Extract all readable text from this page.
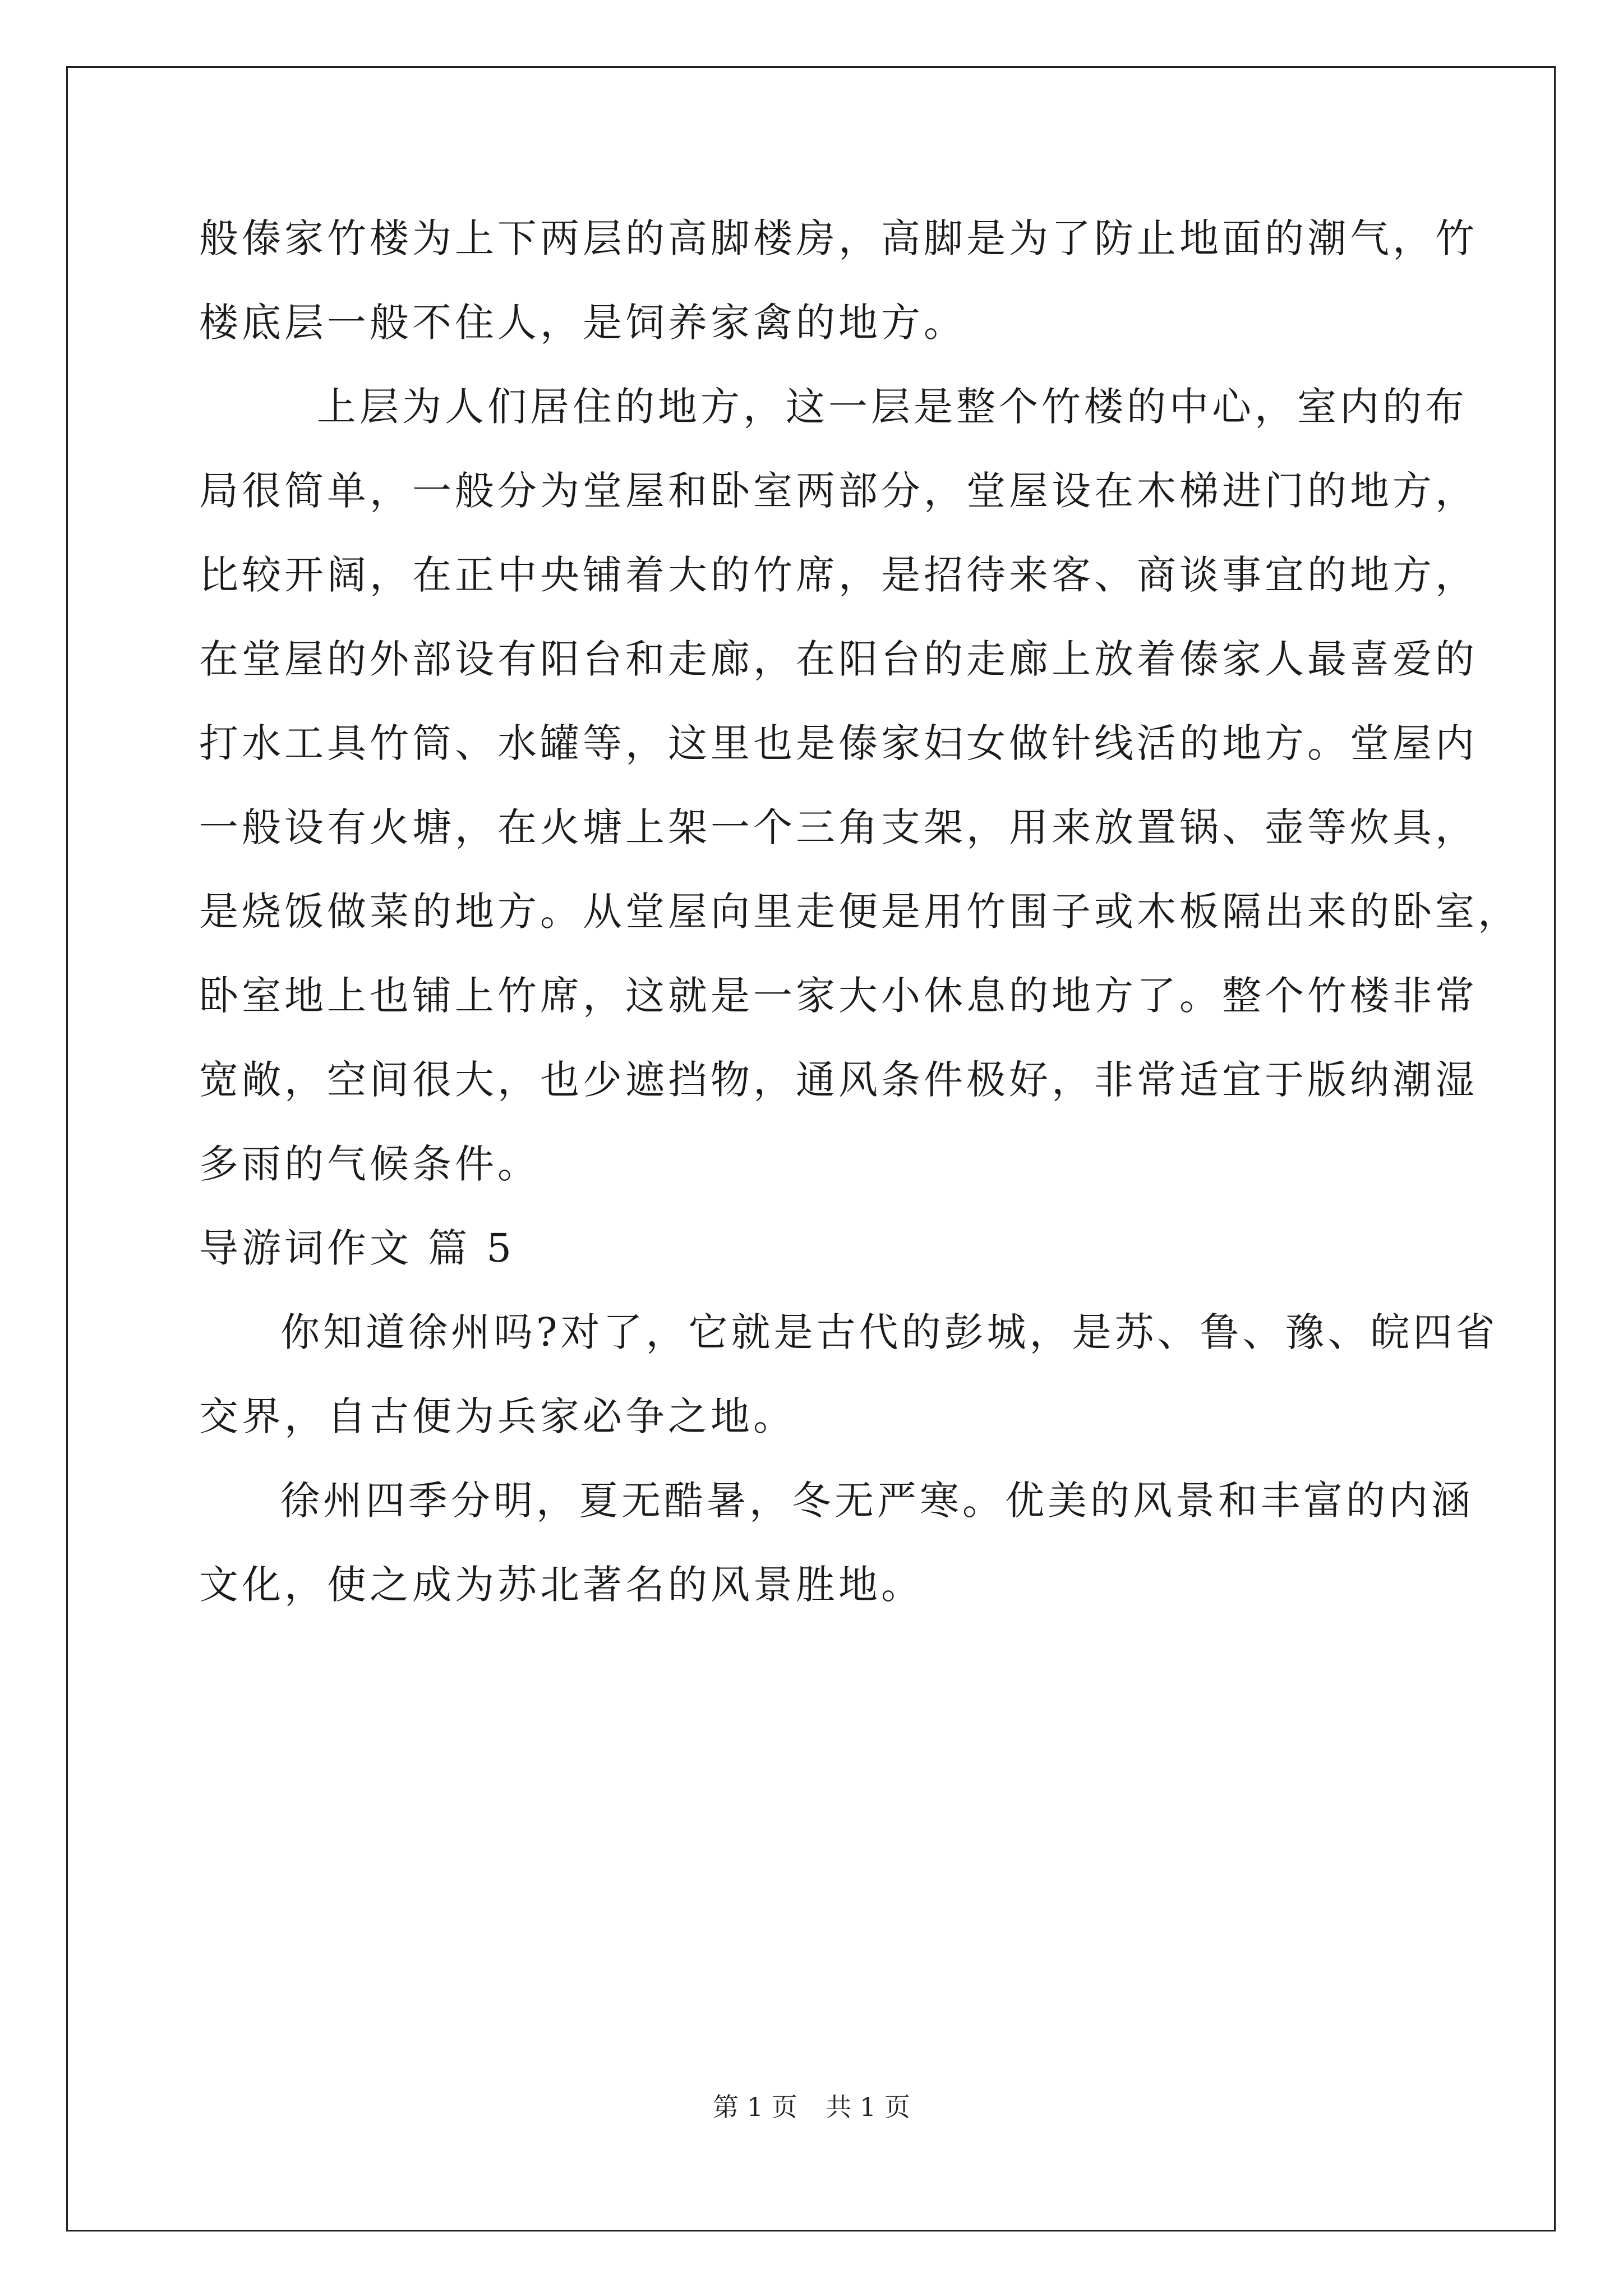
般傣家竹楼为上下两层的高脚楼房，高脚是为了防止地面的潮气，竹
楼底层一般不住人，是饲养家禽的地方。
上层为人们居住的地方，这一层是整个竹楼的中心，室内的布
局很简单，一般分为堂屋和卧室两部分，堂屋设在木梯进门的地方，
比较开阔，在正中央铺着大的竹席，是招待来客、商谈事宜的地方，
在堂屋的外部设有阳台和走廊，在阳台的走廊上放着傣家人最喜爱的
打水工具竹筒、水罐等，这里也是傣家妇女做针线活的地方。堂屋内
一般设有火塘，在火塘上架一个三角支架，用来放置锅、壶等炊具，
是烧饭做菜的地方。从堂屋向里走便是用竹围子或木板隔出来的卧室，
卧室地上也铺上竹席，这就是一家大小休息的地方了。整个竹楼非常
宽敞，空间很大，也少遮挡物，通风条件极好，非常适宜于版纳潮湿
多雨的气候条件。
导游词作文 篇 5
你知道徐州吗?对了，它就是古代的彭城，是苏、鲁、豫、皖四省
交界，自古便为兵家必争之地。
徐州四季分明，夏无酷暑，冬无严寒。优美的风景和丰富的内涵
文化，使之成为苏北著名的风景胜地。
第 1 页 共 1 页
